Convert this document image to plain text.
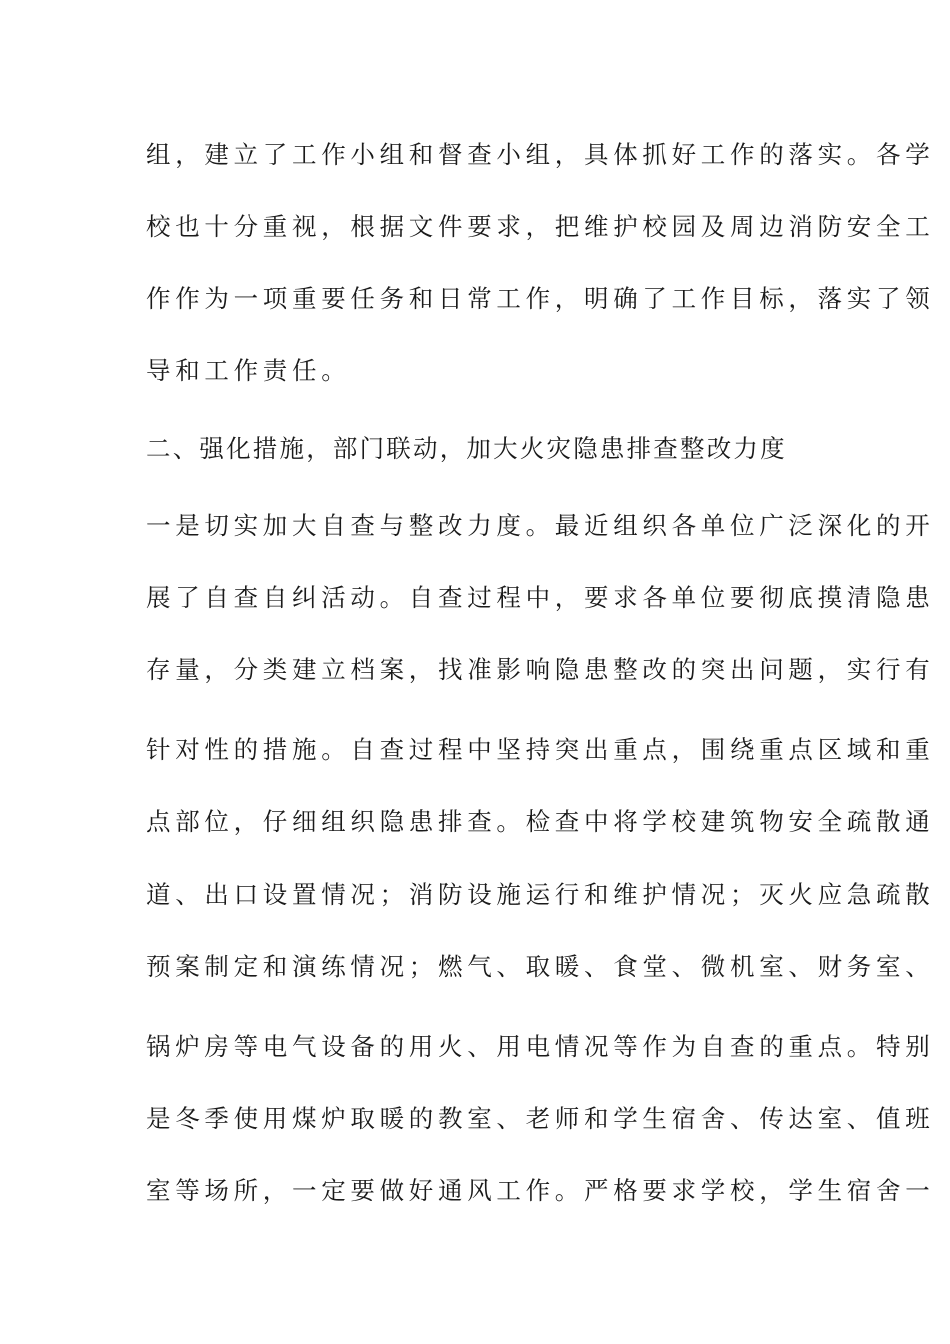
组，建立了工作小组和督查小组，具体抓好工作的落实。各学
校也十分重视，根据文件要求，把维护校园及周边消防安全工
作作为一项重要任务和日常工作，明确了工作目标，落实了领
导和工作责任。
二、强化措施，部门联动，加大火灾隐患排查整改力度
一是切实加大自查与整改力度。最近组织各单位广泛深化的开
展了自查自纠活动。自查过程中，要求各单位要彻底摸清隐患
存量，分类建立档案，找准影响隐患整改的突出问题，实行有
针对性的措施。自查过程中坚持突出重点，围绕重点区域和重
点部位，仔细组织隐患排查。检查中将学校建筑物安全疏散通
道、出口设置情况；消防设施运行和维护情况；灭火应急疏散
预案制定和演练情况；燃气、取暖、食堂、微机室、财务室、
锅炉房等电气设备的用火、用电情况等作为自查的重点。特别
是冬季使用煤炉取暖的教室、老师和学生宿舍、传达室、值班
室等场所，一定要做好通风工作。严格要求学校，学生宿舍一
